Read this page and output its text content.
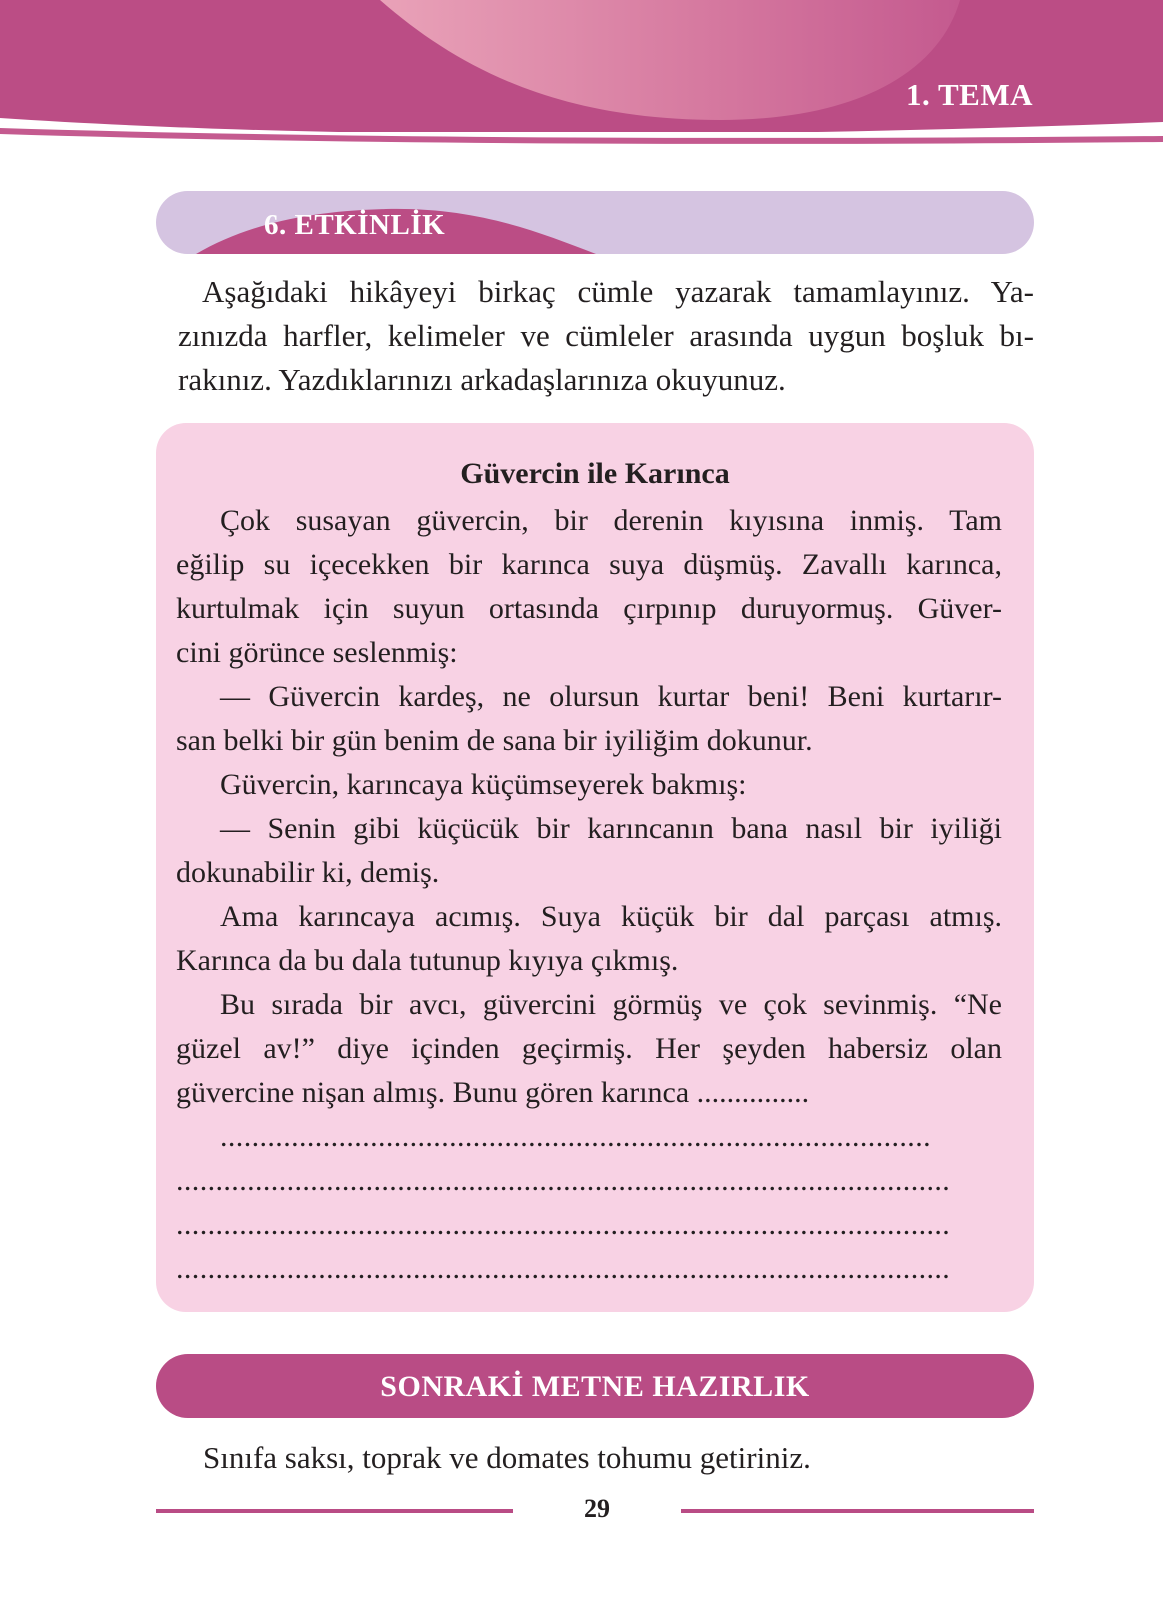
1. TEMA
6. ETKİNLİK
Aşağıdaki hikâyeyi birkaç cümle yazarak tamamlayınız. Ya-
zınızda harfler, kelimeler ve cümleler arasında uygun boşluk bı-
rakınız. Yazdıklarınızı arkadaşlarınıza okuyunuz.
Güvercin ile Karınca
Çok susayan güvercin, bir derenin kıyısına inmiş. Tam
eğilip su içecekken bir karınca suya düşmüş. Zavallı karınca,
kurtulmak için suyun ortasında çırpınıp duruyormuş. Güver-
cini görünce seslenmiş:
— Güvercin kardeş, ne olursun kurtar beni! Beni kurtarır-
san belki bir gün benim de sana bir iyiliğim dokunur.
Güvercin, karıncaya küçümseyerek bakmış:
— Senin gibi küçücük bir karıncanın bana nasıl bir iyiliği
dokunabilir ki, demiş.
Ama karıncaya acımış. Suya küçük bir dal parçası atmış.
Karınca da bu dala tutunup kıyıya çıkmış.
Bu sırada bir avcı, güvercini görmüş ve çok sevinmiş. “Ne
güzel av!” diye içinden geçirmiş. Her şeyden habersiz olan
güvercine nişan almış. Bunu gören karınca ...............
..........................................................................................
..................................................................................................
..................................................................................................
..................................................................................................
SONRAKİ METNE HAZIRLIK
Sınıfa saksı, toprak ve domates tohumu getiriniz.
29
